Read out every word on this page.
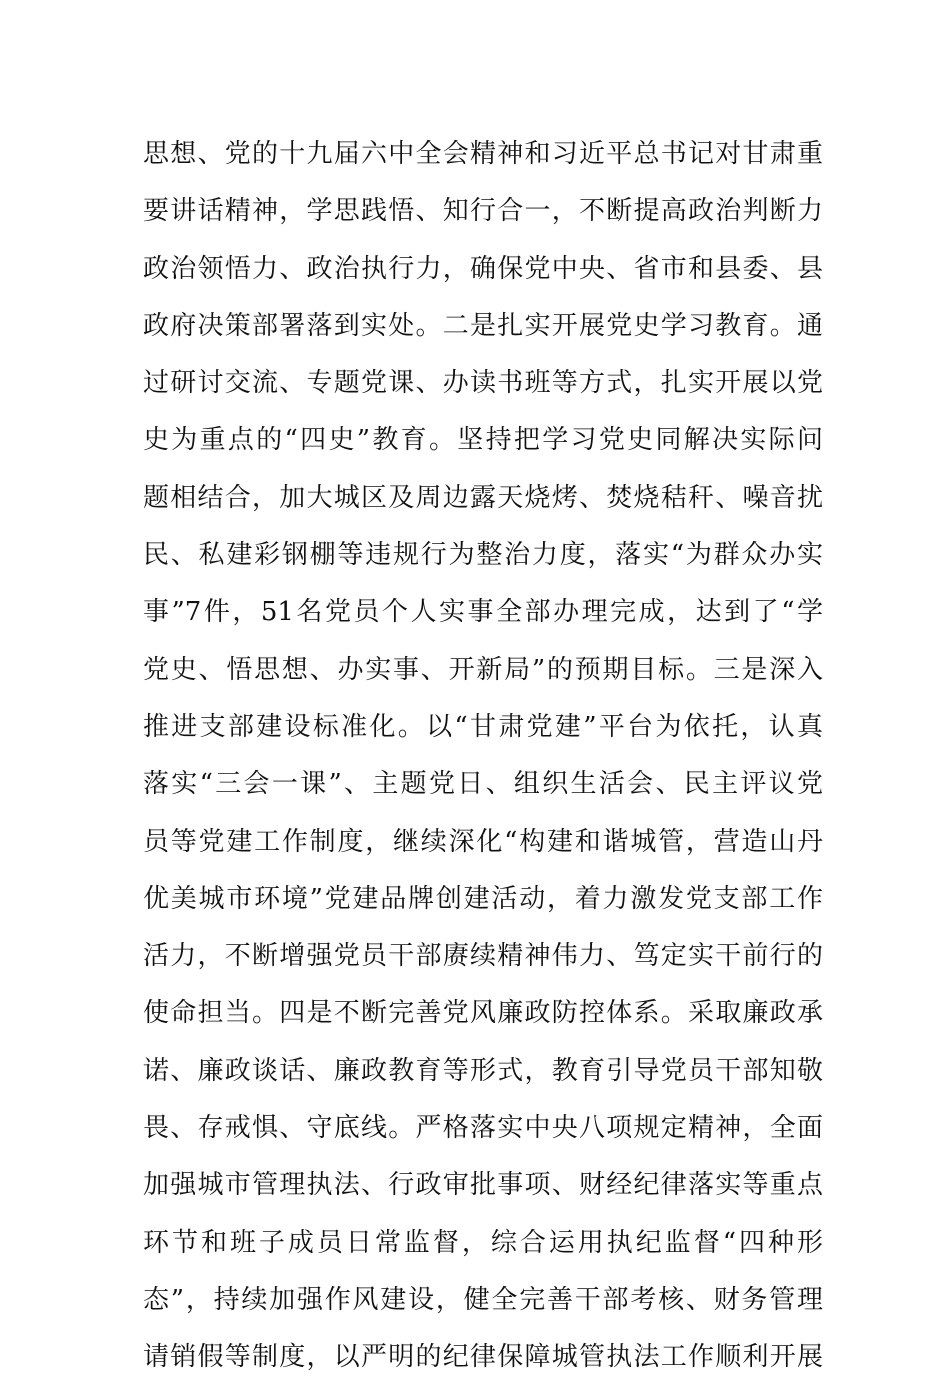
思想、党的十九届六中全会精神和习近平总书记对甘肃重
要讲话精神，学思践悟、知行合一，不断提高政治判断力
政治领悟力、政治执行力，确保党中央、省市和县委、县
政府决策部署落到实处。二是扎实开展党史学习教育。通
过研讨交流、专题党课、办读书班等方式，扎实开展以党
史为重点的“四史”教育。坚持把学习党史同解决实际问
题相结合，加大城区及周边露天烧烤、焚烧秸秆、噪音扰
民、私建彩钢棚等违规行为整治力度，落实“为群众办实
事”7件，51名党员个人实事全部办理完成，达到了“学
党史、悟思想、办实事、开新局”的预期目标。三是深入
推进支部建设标准化。以“甘肃党建”平台为依托，认真
落实“三会一课”、主题党日、组织生活会、民主评议党
员等党建工作制度，继续深化“构建和谐城管，营造山丹
优美城市环境”党建品牌创建活动，着力激发党支部工作
活力，不断增强党员干部赓续精神伟力、笃定实干前行的
使命担当。四是不断完善党风廉政防控体系。采取廉政承
诺、廉政谈话、廉政教育等形式，教育引导党员干部知敬
畏、存戒惧、守底线。严格落实中央八项规定精神，全面
加强城市管理执法、行政审批事项、财经纪律落实等重点
环节和班子成员日常监督，综合运用执纪监督“四种形
态”，持续加强作风建设，健全完善干部考核、财务管理
请销假等制度，以严明的纪律保障城管执法工作顺利开展
